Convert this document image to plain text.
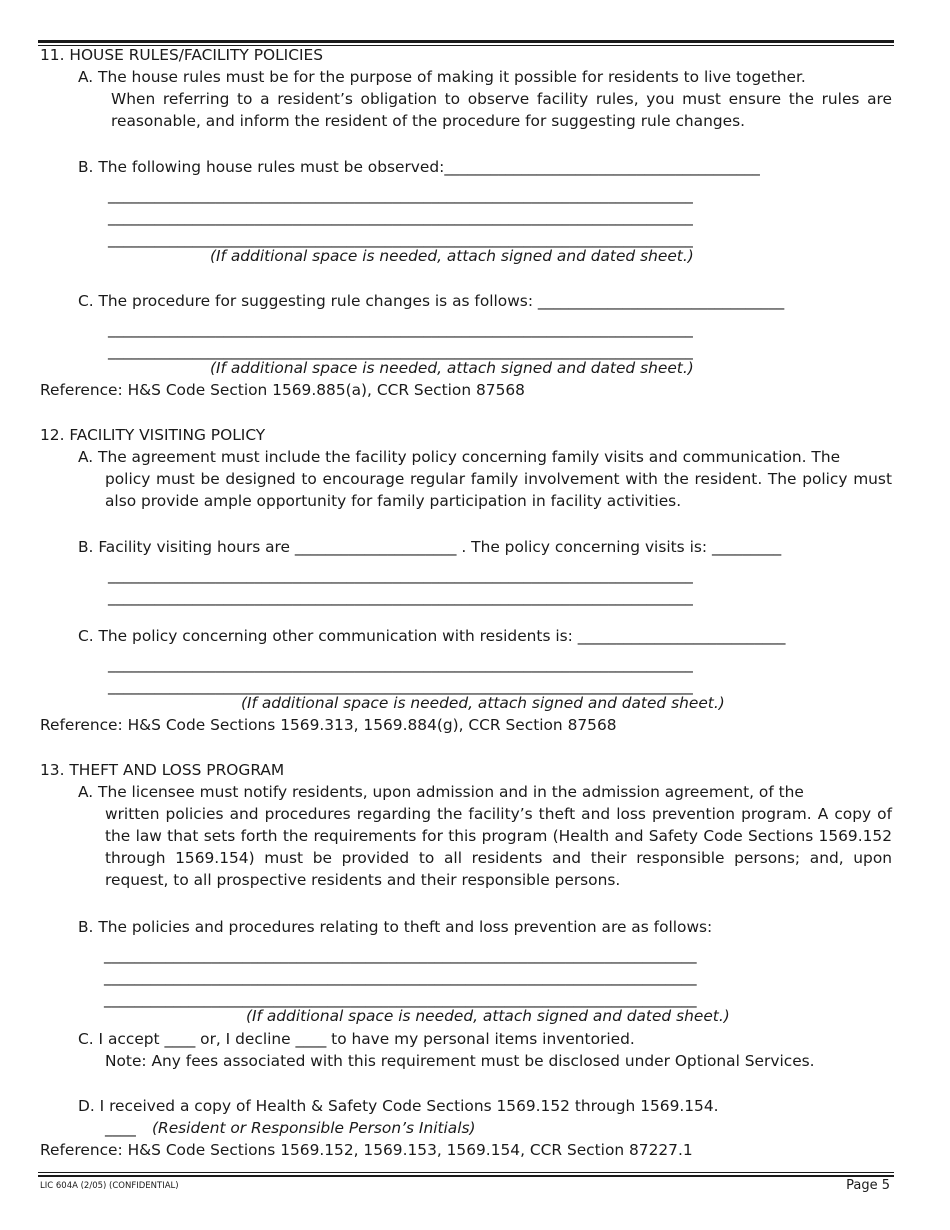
11. HOUSE RULES/FACILITY POLICIES
A. The house rules must be for the purpose of making it possible for residents to live together.
When referring to a resident’s obligation to observe facility rules, you must ensure the rules are reasonable, and inform the resident of the procedure for suggesting rule changes.
B. The following house rules must be observed:_________________________________________
____________________________________________________________________________
____________________________________________________________________________
____________________________________________________________________________
(If additional space is needed, attach signed and dated sheet.)
C. The procedure for suggesting rule changes is as follows: ________________________________
____________________________________________________________________________
____________________________________________________________________________
(If additional space is needed, attach signed and dated sheet.)
Reference: H&S Code Section 1569.885(a), CCR Section 87568
12. FACILITY VISITING POLICY
A. The agreement must include the facility policy concerning family visits and communication. The
policy must be designed to encourage regular family involvement with the resident. The policy must also provide ample opportunity for family participation in facility activities.
B. Facility visiting hours are _____________________ . The policy concerning visits is: _________
____________________________________________________________________________
____________________________________________________________________________
C. The policy concerning other communication with residents is: ___________________________
____________________________________________________________________________
____________________________________________________________________________
(If additional space is needed, attach signed and dated sheet.)
Reference: H&S Code Sections 1569.313, 1569.884(g), CCR Section 87568
13. THEFT AND LOSS PROGRAM
A. The licensee must notify residents, upon admission and in the admission agreement, of the
written policies and procedures regarding the facility’s theft and loss prevention program. A copy of the law that sets forth the requirements for this program (Health and Safety Code Sections 1569.152 through 1569.154) must be provided to all residents and their responsible persons; and, upon request, to all prospective residents and their responsible persons.
B. The policies and procedures relating to theft and loss prevention are as follows:
_____________________________________________________________________________
_____________________________________________________________________________
_____________________________________________________________________________
(If additional space is needed, attach signed and dated sheet.)
C. I accept ____ or, I decline ____ to have my personal items inventoried.
Note: Any fees associated with this requirement must be disclosed under Optional Services.
D. I received a copy of Health & Safety Code Sections 1569.152 through 1569.154.
____ (Resident or Responsible Person’s Initials)
Reference: H&S Code Sections 1569.152, 1569.153, 1569.154, CCR Section 87227.1
LIC 604A (2/05) (CONFIDENTIAL)	Page 5
